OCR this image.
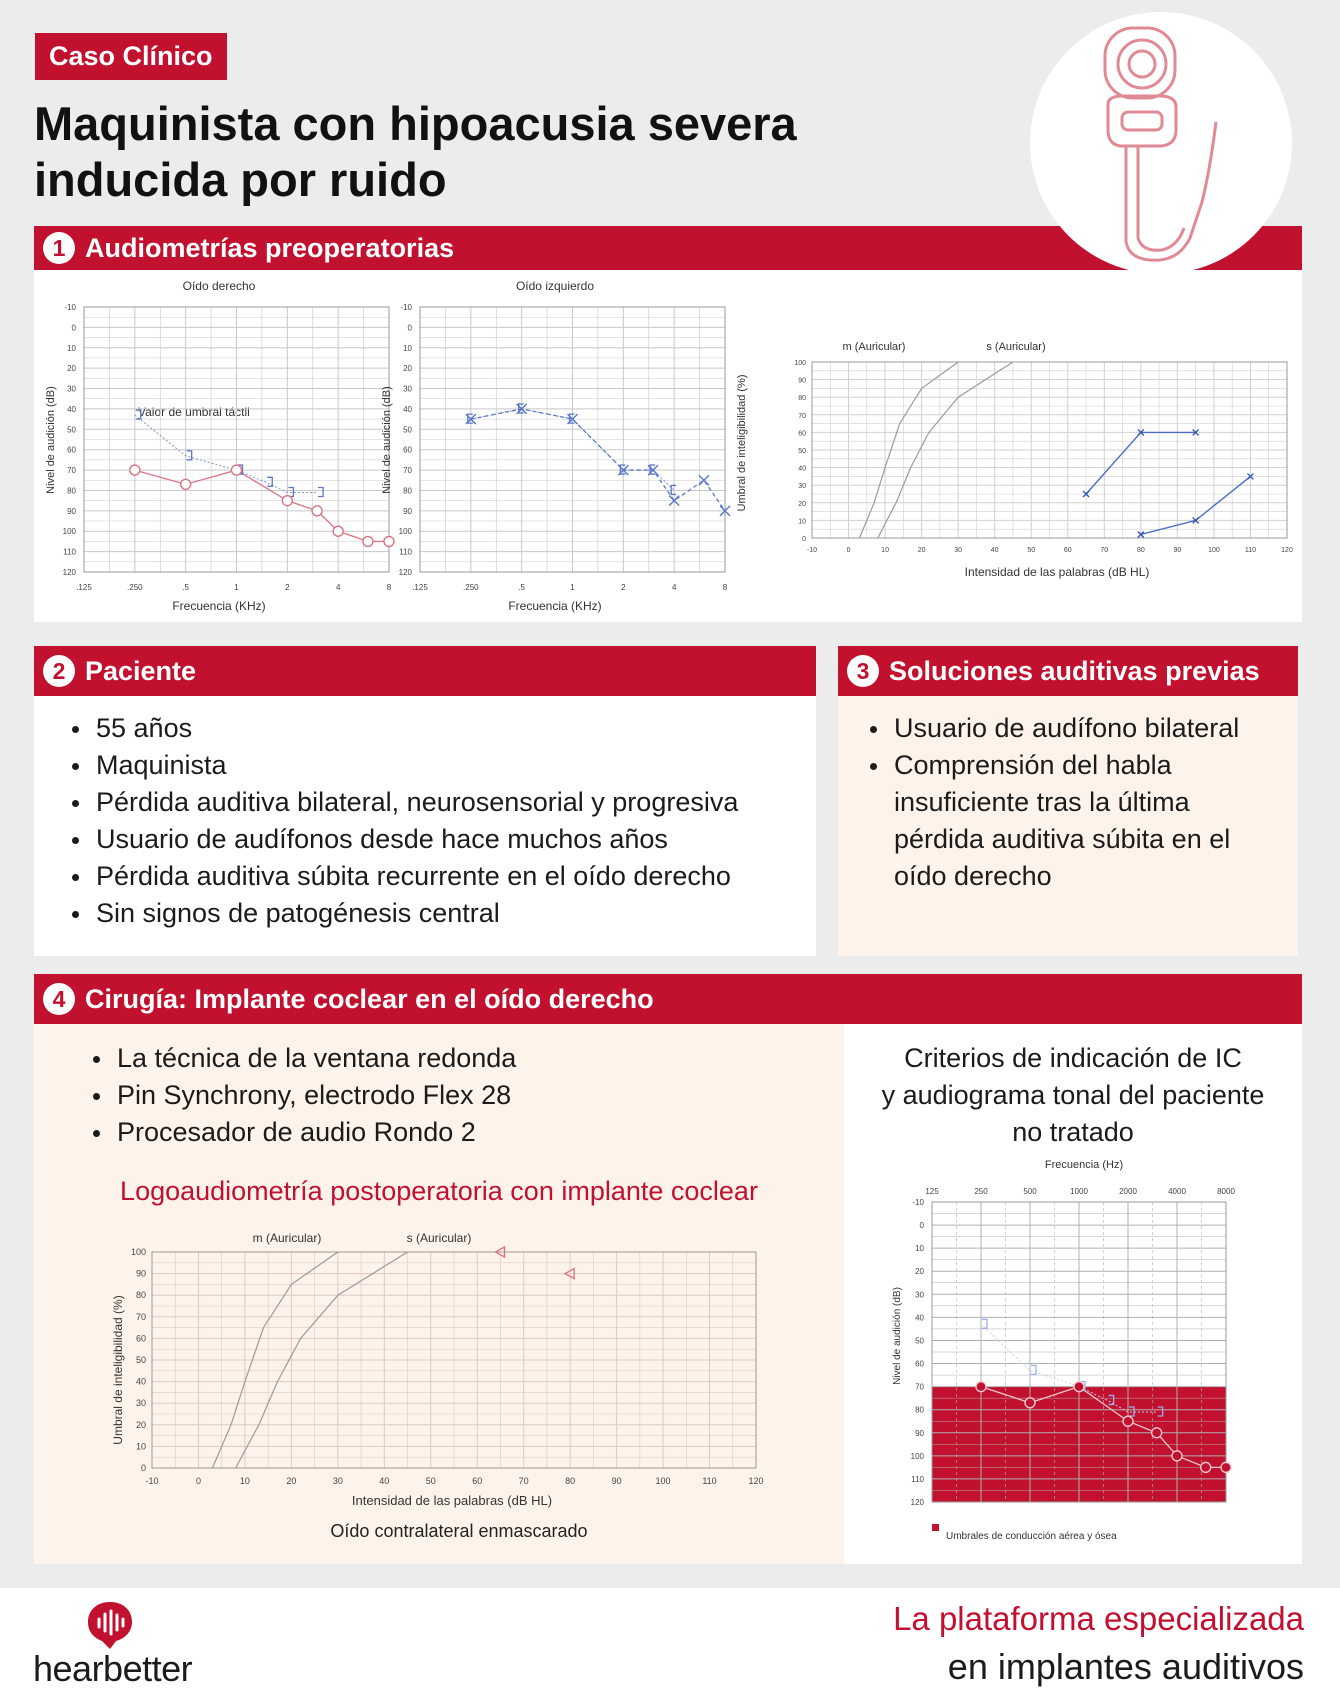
Caso Clínico
Maquinista con hipoacusia severa
inducida por ruido
1 Audiometrías preoperatorias
Oído derecho
Frecuencia (KHz)
Nivel de audición (dB)	Valor de umbral táctil
-10
0
10
20
30
40
50
60
70
80
90
100
110
120
.125	.250	.5	1	2	4	8
Oído izquierdo
Frecuencia (KHz)
Nivel de audición (dB)
-10
0
10
20
30
40
50
60
70
80
90
100
110
120
.125	.250	.5	1	2	4	8
m (Auricular)	s (Auricular)
Intensidad de las palabras (dB HL)
Umbral de inteligibilidad (%)
-10	0	10	20	30	40	50	60	70	80	90	100	110	120
0
10
20
30
40
50
60
70
80
90
100
2 Paciente
55 años
Maquinista
Pérdida auditiva bilateral, neurosensorial y progresiva
Usuario de audífonos desde hace muchos años
Pérdida auditiva súbita recurrente en el oído derecho
Sin signos de patogénesis central
3 Soluciones auditivas previas
Usuario de audífono bilateral
Comprensión del habla insuficiente tras la última pérdida auditiva súbita en el oído derecho
4 Cirugía: Implante coclear en el oído derecho
La técnica de la ventana redonda
Pin Synchrony, electrodo Flex 28
Procesador de audio Rondo 2
Logoaudiometría postoperatoria con implante coclear
m (Auricular)	s (Auricular)
Intensidad de las palabras (dB HL)
Umbral de inteligibilidad (%)
-10	0	10	20	30	40	50	60	70	80	90	100	110	120
0
10
20
30
40
50
60
70
80
90
100
Oído contralateral enmascarado
Criterios de indicación de IC
y audiograma tonal del paciente
no tratado
Frecuencia (Hz)
Nivel de audición (dB)
Umbrales de conducción aérea y ósea
-10
0
10
20
30
40
50
60
70
80
90
100
110
120
125	250	500	1000	2000	4000	8000
hearbetter
La plataforma especializada
en implantes auditivos
